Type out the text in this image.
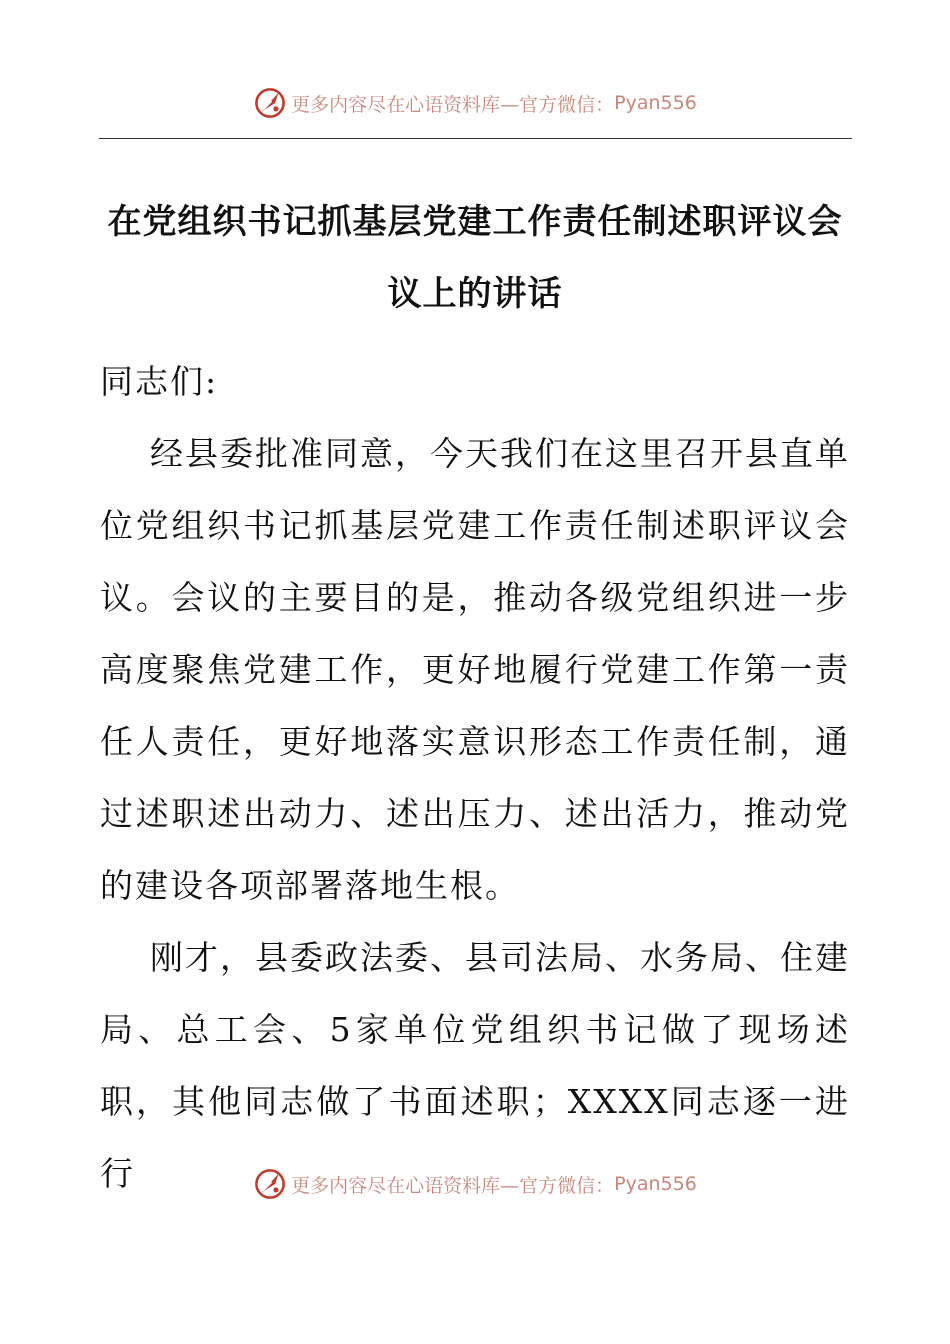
更多内容尽在心语资料库—官方微信： Pyan556
在党组织书记抓基层党建工作责任制述职评议会议上的讲话

同志们:

经县委批准同意，今天我们在这里召开县直单位党组织书记抓基层党建工作责任制述职评议会议。会议的主要目的是，推动各级党组织进一步高度聚焦党建工作，更好地履行党建工作第一责任人责任，更好地落实意识形态工作责任制，通过述职述出动力、述出压力、述出活力，推动党的建设各项部署落地生根。

刚才，县委政法委、县司法局、水务局、住建局、总工会、5家单位党组织书记做了现场述职，其他同志做了书面述职；XXXX同志逐一进行	更多内容尽在心语资料库—官方微信： Pyan556
